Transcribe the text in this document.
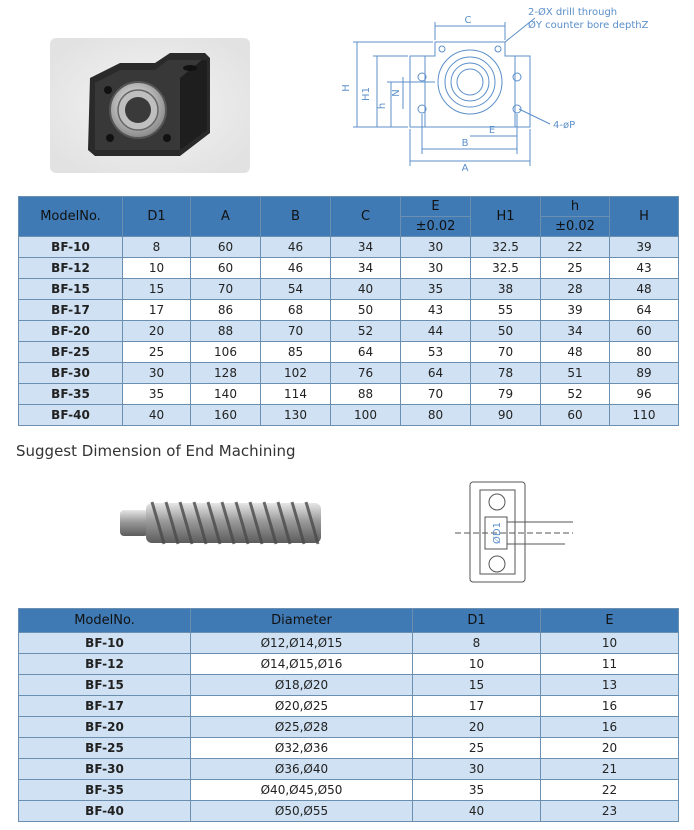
C
A
B
E
H H1
h
N
2-ØX drill through
ØY counter bore depthZ
4-øP
ModelNo.	D1	A	B	C	E	H1	h	H
					±0.02		±0.02	
BF-10	8	60	46	34	30	32.5	22	39
BF-12	10	60	46	34	30	32.5	25	43
BF-15	15	70	54	40	35	38	28	48
BF-17	17	86	68	50	43	55	39	64
BF-20	20	88	70	52	44	50	34	60
BF-25	25	106	85	64	53	70	48	80
BF-30	30	128	102	76	64	78	51	89
BF-35	35	140	114	88	70	79	52	96
BF-40	40	160	130	100	80	90	60	110
Suggest Dimension of End Machining
ØD1
ModelNo.	Diameter	D1	E
BF-10	Ø12,Ø14,Ø15	8	10
BF-12	Ø14,Ø15,Ø16	10	11
BF-15	Ø18,Ø20	15	13
BF-17	Ø20,Ø25	17	16
BF-20	Ø25,Ø28	20	16
BF-25	Ø32,Ø36	25	20
BF-30	Ø36,Ø40	30	21
BF-35	Ø40,Ø45,Ø50	35	22
BF-40	Ø50,Ø55	40	23
